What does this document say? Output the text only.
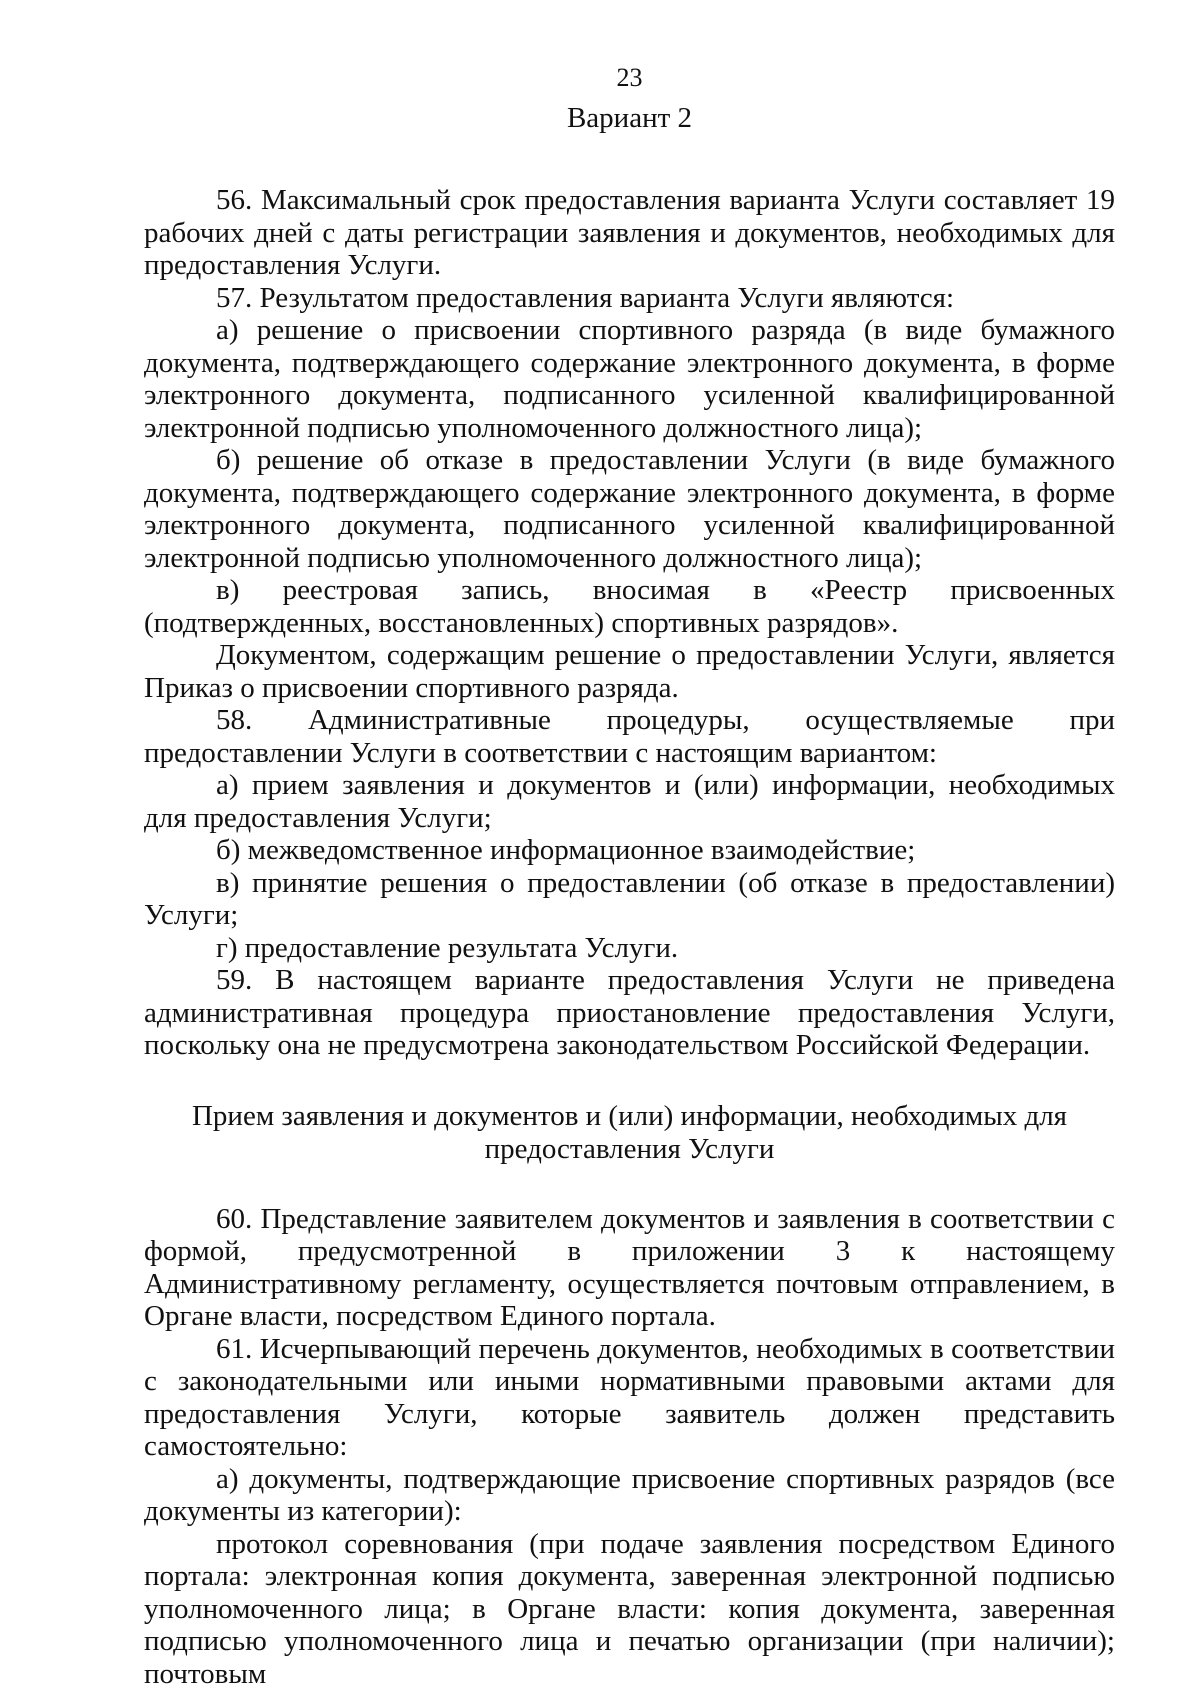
23
Вариант 2

56. Максимальный срок предоставления варианта Услуги составляет 19 рабочих дней с даты регистрации заявления и документов, необходимых для предоставления Услуги.

57. Результатом предоставления варианта Услуги являются:

а) решение о присвоении спортивного разряда (в виде бумажного документа, подтверждающего содержание электронного документа, в форме электронного документа, подписанного усиленной квалифицированной электронной подписью уполномоченного должностного лица);

б) решение об отказе в предоставлении Услуги (в виде бумажного документа, подтверждающего содержание электронного документа, в форме электронного документа, подписанного усиленной квалифицированной электронной подписью уполномоченного должностного лица);

в) реестровая запись, вносимая в «Реестр присвоенных (подтвержденных, восстановленных) спортивных разрядов».

Документом, содержащим решение о предоставлении Услуги, является Приказ о присвоении спортивного разряда.

58. Административные процедуры, осуществляемые при предоставлении Услуги в соответствии с настоящим вариантом:

а) прием заявления и документов и (или) информации, необходимых для предоставления Услуги;

б) межведомственное информационное взаимодействие;

в) принятие решения о предоставлении (об отказе в предоставлении) Услуги;

г) предоставление результата Услуги.

59. В настоящем варианте предоставления Услуги не приведена административная процедура приостановление предоставления Услуги, поскольку она не предусмотрена законодательством Российской Федерации.

Прием заявления и документов и (или) информации, необходимых для
предоставления Услуги

60. Представление заявителем документов и заявления в соответствии с формой, предусмотренной в приложении 3 к настоящему Административному регламенту, осуществляется почтовым отправлением, в Органе власти, посредством Единого портала.

61. Исчерпывающий перечень документов, необходимых в соответствии с законодательными или иными нормативными правовыми актами для предоставления Услуги, которые заявитель должен представить самостоятельно:

а) документы, подтверждающие присвоение спортивных разрядов (все документы из категории):

протокол соревнования (при подаче заявления посредством Единого портала: электронная копия документа, заверенная электронной подписью уполномоченного лица; в Органе власти: копия документа, заверенная подписью уполномоченного лица и печатью организации (при наличии); почтовым
